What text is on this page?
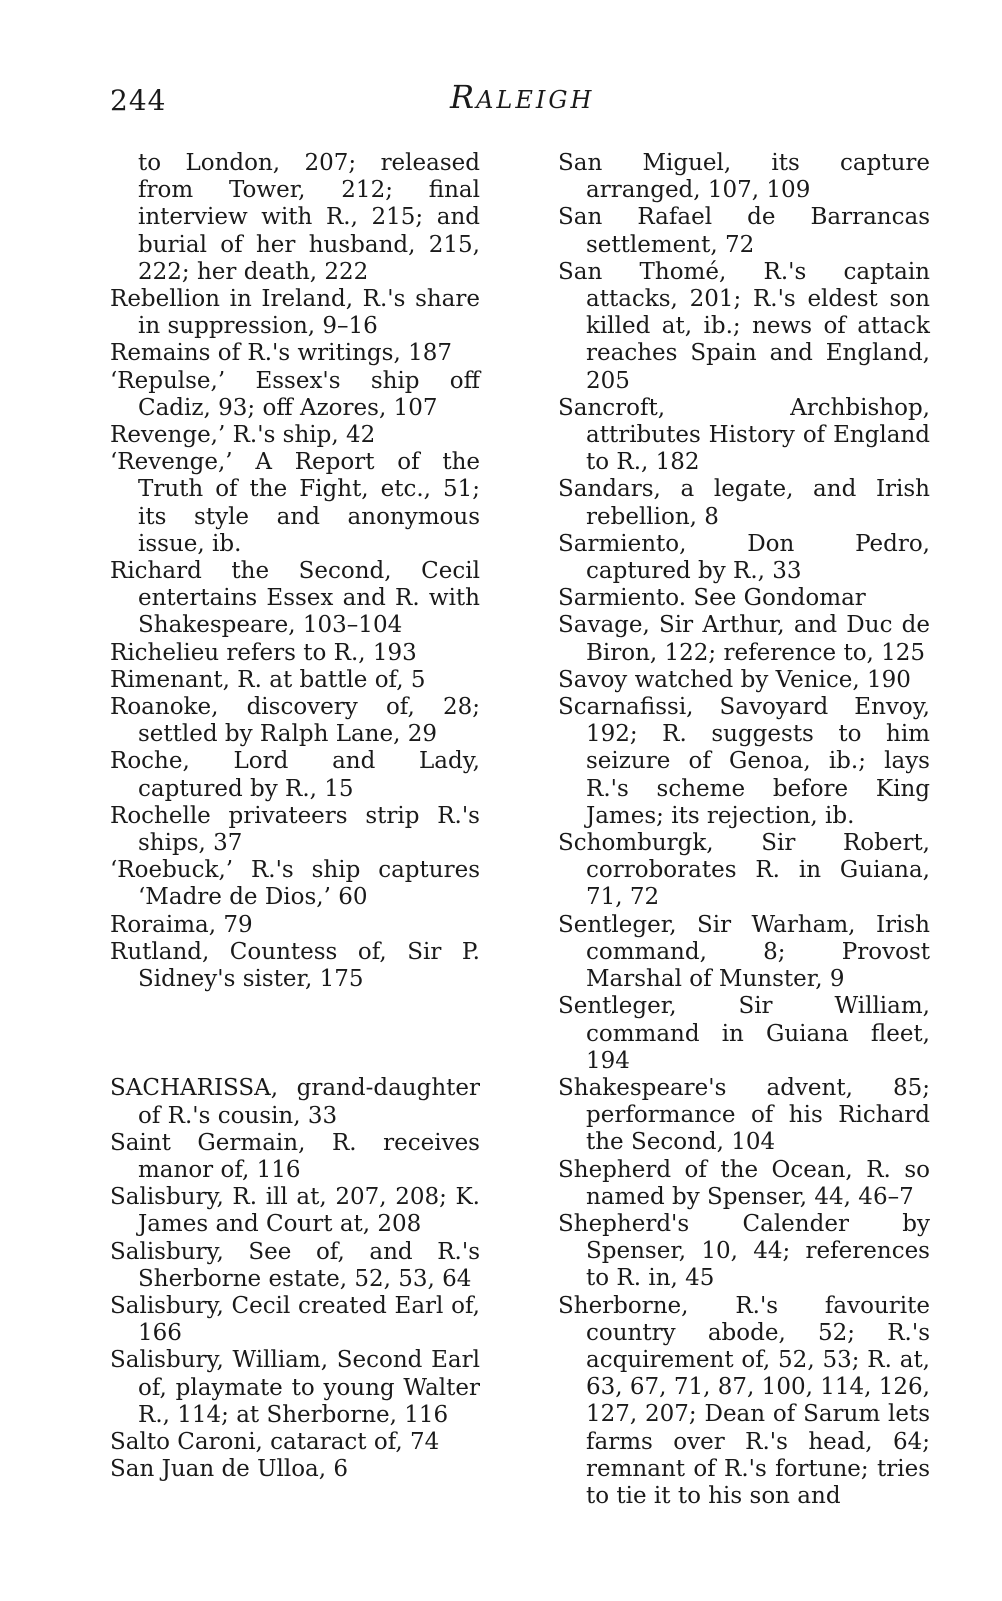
244	RALEIGH

to London, 207; released from Tower, 212; final interview with R., 215; and burial of her husband, 215, 222; her death, 222

Rebellion in Ireland, R.'s share in suppression, 9–16

Remains of R.'s writings, 187

‘Repulse,’ Essex's ship off Cadiz, 93; off Azores, 107

Revenge,’ R.'s ship, 42

‘Revenge,’ A Report of the Truth of the Fight, etc., 51; its style and anonymous issue, ib.

Richard the Second, Cecil entertains Essex and R. with Shakespeare, 103–104

Richelieu refers to R., 193

Rimenant, R. at battle of, 5

Roanoke, discovery of, 28; settled by Ralph Lane, 29

Roche, Lord and Lady, captured by R., 15

Rochelle privateers strip R.'s ships, 37

‘Roebuck,’ R.'s ship captures ‘Madre de Dios,’ 60

Roraima, 79

Rutland, Countess of, Sir P. Sidney's sister, 175

SACHARISSA, grand-daughter of R.'s cousin, 33

Saint Germain, R. receives manor of, 116

Salisbury, R. ill at, 207, 208; K. James and Court at, 208

Salisbury, See of, and R.'s Sherborne estate, 52, 53, 64

Salisbury, Cecil created Earl of, 166

Salisbury, William, Second Earl of, playmate to young Walter R., 114; at Sherborne, 116

Salto Caroni, cataract of, 74

San Juan de Ulloa, 6

San Miguel, its capture arranged, 107, 109

San Rafael de Barrancas settlement, 72

San Thomé, R.'s captain attacks, 201; R.'s eldest son killed at, ib.; news of attack reaches Spain and England, 205

Sancroft, Archbishop, attributes History of England to R., 182

Sandars, a legate, and Irish rebellion, 8

Sarmiento, Don Pedro, captured by R., 33

Sarmiento. See Gondomar

Savage, Sir Arthur, and Duc de Biron, 122; reference to, 125

Savoy watched by Venice, 190

Scarnafissi, Savoyard Envoy, 192; R. suggests to him seizure of Genoa, ib.; lays R.'s scheme before King James; its rejection, ib.

Schomburgk, Sir Robert, corroborates R. in Guiana, 71, 72

Sentleger, Sir Warham, Irish command, 8; Provost Marshal of Munster, 9

Sentleger, Sir William, command in Guiana fleet, 194

Shakespeare's advent, 85; performance of his Richard the Second, 104

Shepherd of the Ocean, R. so named by Spenser, 44, 46–7

Shepherd's Calender by Spenser, 10, 44; references to R. in, 45

Sherborne, R.'s favourite country abode, 52; R.'s acquirement of, 52, 53; R. at, 63, 67, 71, 87, 100, 114, 126, 127, 207; Dean of Sarum lets farms over R.'s head, 64; remnant of R.'s fortune; tries to tie it to his son and
